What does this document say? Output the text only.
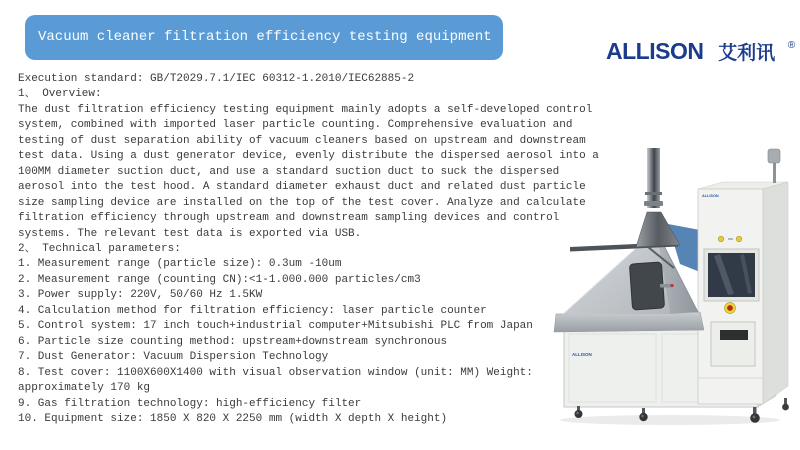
Vacuum cleaner filtration efficiency testing equipment
ALLISON 艾利讯 ®
Execution standard: GB/T2029.7.1/IEC 60312-1.2010/IEC62885-2
1、 Overview:

The dust filtration efficiency testing equipment mainly adopts a self-developed control system, combined with imported laser particle counting. Comprehensive evaluation and testing of dust separation ability of vacuum cleaners based on upstream and downstream test data. Using a dust generator device, evenly distribute the dispersed aerosol into a 100MM diameter suction duct, and use a standard suction duct to suck the dispersed aerosol into the test hood. A standard diameter exhaust duct and related dust particle size sampling device are installed on the top of the test cover. Analyze and calculate filtration efficiency through upstream and downstream sampling devices and control systems. The relevant test data is exported via USB.

2、 Technical parameters:
1. Measurement range (particle size): 0.3um -10um
2. Measurement range (counting CN):<1-1.000.000 particles/cm3
3. Power supply: 220V, 50/60 Hz 1.5KW
4. Calculation method for filtration efficiency: laser particle counter
5. Control system: 17 inch touch+industrial computer+Mitsubishi PLC from Japan
6. Particle size counting method: upstream+downstream synchronous
7. Dust Generator: Vacuum Dispersion Technology
8. Test cover: 1100X600X1400 with visual observation window (unit: MM) Weight: approximately 170 kg
9. Gas filtration technology: high-efficiency filter
10. Equipment size: 1850 X 820 X 2250 mm (width X depth X height)
ALLISON
ALLISON
